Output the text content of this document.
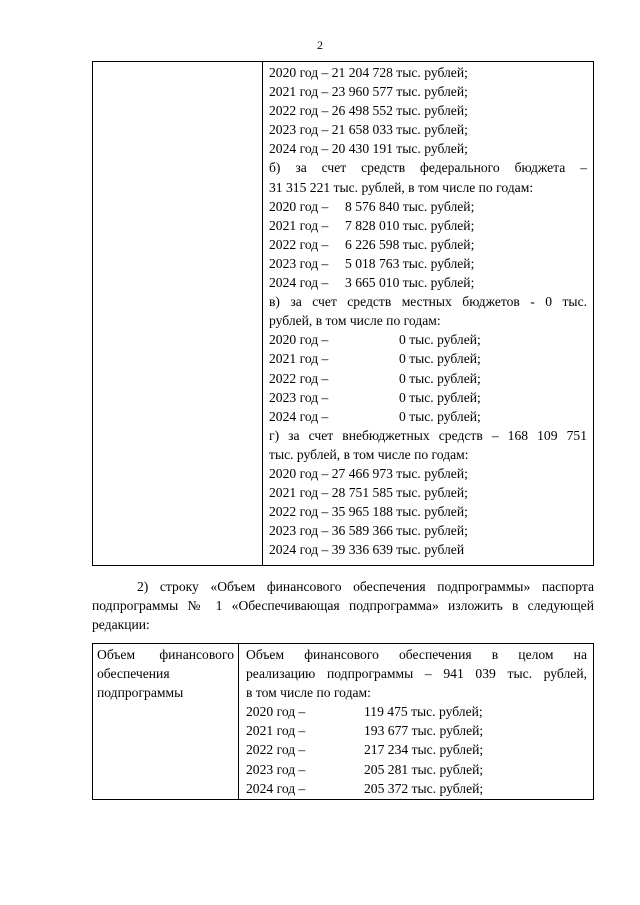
2
2020 год – 21 204 728 тыс. рублей;
2021 год – 23 960 577 тыс. рублей;
2022 год – 26 498 552 тыс. рублей;
2023 год – 21 658 033 тыс. рублей;
2024 год – 20 430 191 тыс. рублей;
б) за счет средств федерального бюджета –
31 315 221 тыс. рублей, в том числе по годам:
2020 год – 8 576 840 тыс. рублей;
2021 год – 7 828 010 тыс. рублей;
2022 год – 6 226 598 тыс. рублей;
2023 год – 5 018 763 тыс. рублей;
2024 год – 3 665 010 тыс. рублей;
в) за счет средств местных бюджетов - 0 тыс.
рублей, в том числе по годам:
2020 год –	0 тыс. рублей;
2021 год –	0 тыс. рублей;
2022 год –	0 тыс. рублей;
2023 год –	0 тыс. рублей;
2024 год –	0 тыс. рублей;
г) за счет внебюджетных средств – 168 109 751
тыс. рублей, в том числе по годам:
2020 год – 27 466 973 тыс. рублей;
2021 год – 28 751 585 тыс. рублей;
2022 год – 35 965 188 тыс. рублей;
2023 год – 36 589 366 тыс. рублей;
2024 год – 39 336 639 тыс. рублей
2) строку «Объем финансового обеспечения подпрограммы» паспорта
подпрограммы № 1 «Обеспечивающая подпрограмма» изложить в следующей
редакции:
Объем финансового
обеспечения
подпрограммы
Объем финансового обеспечения в целом на
реализацию подпрограммы – 941 039 тыс. рублей,
в том числе по годам:
2020 год –	119 475 тыс. рублей;
2021 год –	193 677 тыс. рублей;
2022 год –	217 234 тыс. рублей;
2023 год –	205 281 тыс. рублей;
2024 год –	205 372 тыс. рублей;
